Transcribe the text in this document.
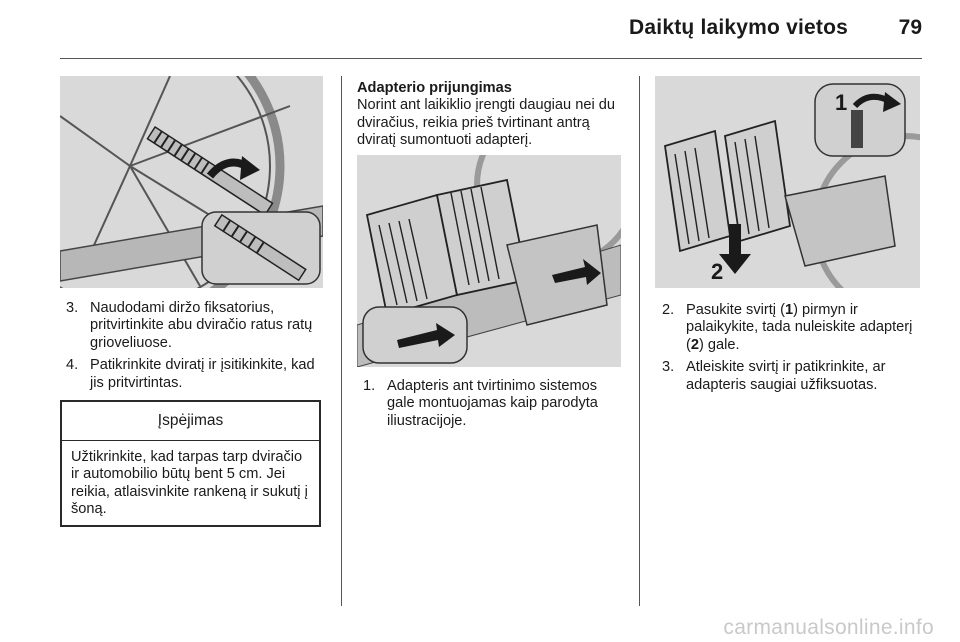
Daiktų laikymo vietos	79
3. Naudodami diržo fiksatorius, pritvirtinkite abu dviračio ratus ratų grioveliuose.
4. Patikrinkite dviratį ir įsitikinkite, kad jis pritvirtintas.
Įspėjimas
Užtikrinkite, kad tarpas tarp dviračio ir automobilio būtų bent 5 cm. Jei reikia, atlaisvinkite rankeną ir sukutį į šoną.
Adapterio prijungimas
Norint ant laikiklio įrengti daugiau nei du dviračius, reikia prieš tvirtinant antrą dviratį sumontuoti adapterį.
1. Adapteris ant tvirtinimo sistemos gale montuojamas kaip parodyta iliustracijoje.
1
2
2. Pasukite svirtį (1) pirmyn ir palaikykite, tada nuleiskite adapterį (2) gale.
3. Atleiskite svirtį ir patikrinkite, ar adapteris saugiai užfiksuotas.
carmanualsonline.info
